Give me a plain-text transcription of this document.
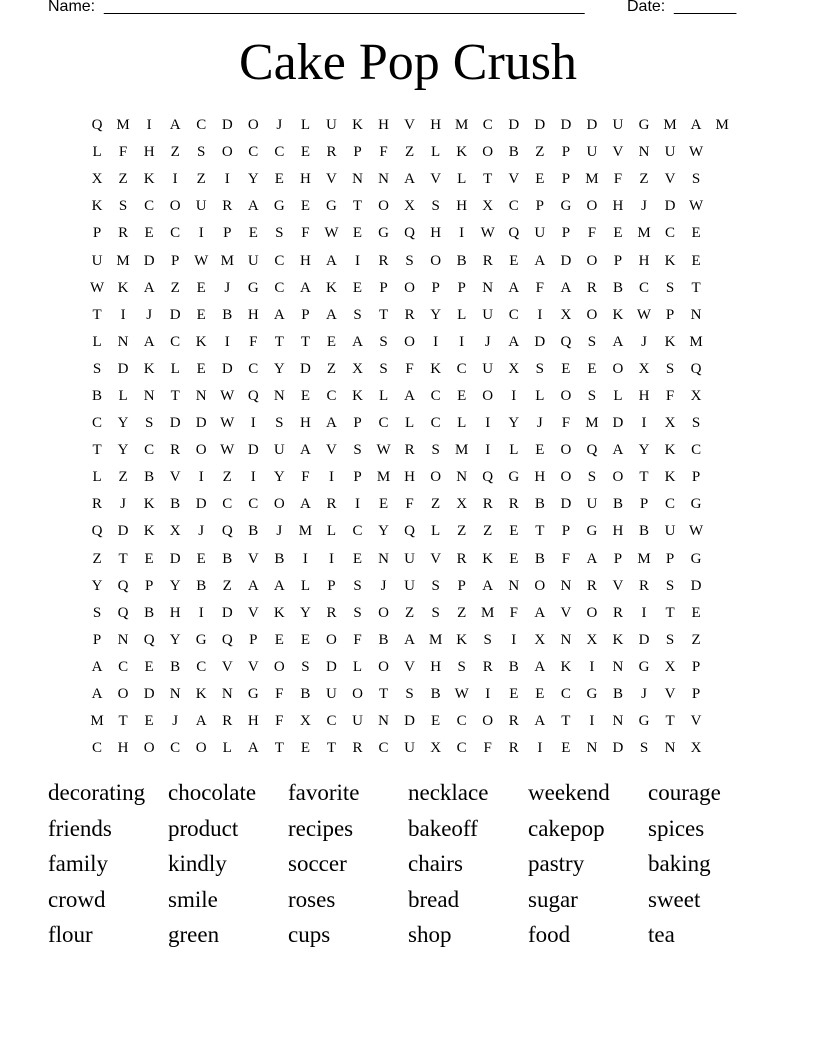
Name: ______________________________________________________	Date: _______
Cake Pop Crush
Q M	I	A	C	D	O	J	L	U	K	H	V	H M C	D	D	D	D	U	G M A M
L	F	H	Z	S	O	C	C	E	R	P	F	Z	L	K	O	B	Z	P	U	V	N	U W
X	Z	K	I	Z	I	Y	E	H	V	N	N	A	V	L	T	V	E	P	M	F	Z	V	S
K	S	C	O	U	R	A	G	E	G	T	O	X	S	H	X	C	P	G	O	H	J	D W
P	R	E	C	I	P	E	S	F W E	G	Q	H	I	W Q	U	P	F	E M C	E
U M D	P W M U	C	H	A	I	R	S	O	B	R	E	A	D	O	P	H	K	E
W K	A	Z	E	J	G	C	A	K	E	P	O	P	P	N	A	F	A	R	B	C	S	T
T	I	J	D	E	B	H	A	P	A	S	T	R	Y	L	U	C	I	X	O	K W P	N
L	N	A	C	K	I	F	T	T	E	A	S	O	I	I	J	A	D	Q	S	A	J	K M
S	D	K	L	E	D	C	Y	D	Z	X	S	F	K	C	U	X	S	E	E	O	X	S	Q
B	L	N	T	N W Q	N	E	C	K	L	A	C	E	O	I	L	O	S	L	H	F	X
C	Y	S	D	D W	I	S	H	A	P	C	L	C	L	I	Y	J	F	M D	I	X	S
T	Y	C	R	O W D	U	A	V	S W R	S	M	I	L	E	O	Q	A	Y	K	C
L	Z	B	V	I	Z	I	Y	F	I	P	M H	O	N	Q	G	H	O	S	O	T	K	P
R	J	K	B	D	C	C	O	A	R	I	E	F	Z	X	R	R	B	D	U	B	P	C	G
Q	D	K	X	J	Q	B	J	M L	C	Y	Q	L	Z	Z	E	T	P	G	H	B	U W
Z	T	E	D	E	B	V	B	I	I	E	N	U	V	R	K	E	B	F	A	P	M	P	G
Y	Q	P	Y	B	Z	A	A	L	P	S	J	U	S	P	A	N	O	N	R	V	R	S	D
S	Q	B	H	I	D	V	K	Y	R	S	O	Z	S	Z M	F	A	V	O	R	I	T	E
P	N	Q	Y	G	Q	P	E	E	O	F	B	A M K	S	I	X	N	X	K	D	S	Z
A	C	E	B	C	V	V	O	S	D	L	O	V	H	S	R	B	A	K	I	N	G	X	P
A	O	D	N	K	N	G	F	B	U	O	T	S	B W	I	E	E	C	G	B	J	V	P
M T	E	J	A	R	H	F	X	C	U	N	D	E	C	O	R	A	T	I	N	G	T	V
C	H	O	C	O	L	A	T	E	T	R	C	U	X	C	F	R	I	E	N	D	S	N	X
decorating chocolate	favorite	necklace	weekend	courage
friends	product	recipes	bakeoff	cakepop	spices
family	kindly	soccer	chairs	pastry	baking
crowd	smile	roses	bread	sugar	sweet
flour	green	cups	shop	food	tea
